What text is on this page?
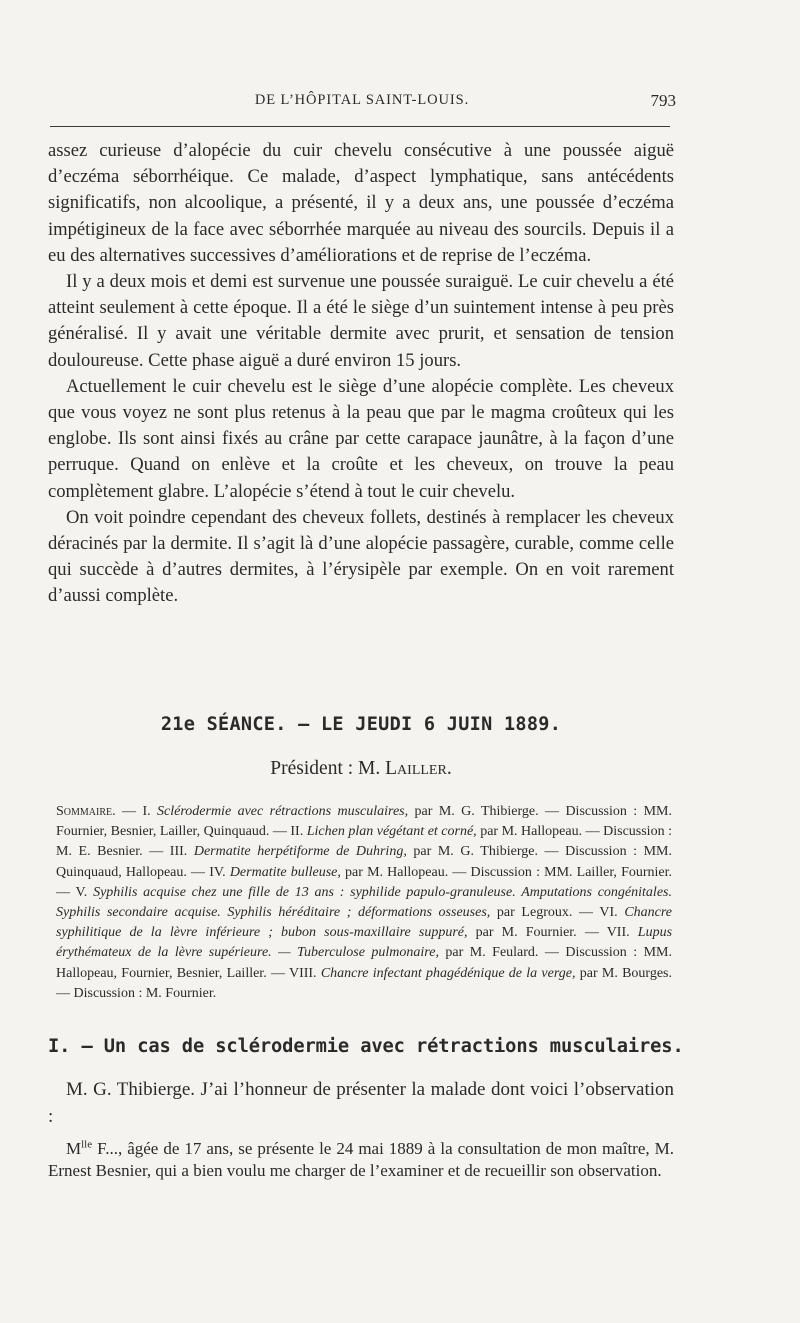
DE L’HÔPITAL SAINT-LOUIS.	793

assez curieuse d’alopécie du cuir chevelu consécutive à une poussée aiguë d’eczéma séborrhéique. Ce malade, d’aspect lymphatique, sans antécédents significatifs, non alcoolique, a présenté, il y a deux ans, une poussée d’eczéma impétigineux de la face avec séborrhée marquée au niveau des sourcils. Depuis il a eu des alternatives successives d’améliorations et de reprise de l’eczéma.

Il y a deux mois et demi est survenue une poussée suraiguë. Le cuir chevelu a été atteint seulement à cette époque. Il a été le siège d’un suintement intense à peu près généralisé. Il y avait une véritable dermite avec prurit, et sensation de tension douloureuse. Cette phase aiguë a duré environ 15 jours.

Actuellement le cuir chevelu est le siège d’une alopécie complète. Les cheveux que vous voyez ne sont plus retenus à la peau que par le magma croûteux qui les englobe. Ils sont ainsi fixés au crâne par cette carapace jaunâtre, à la façon d’une perruque. Quand on enlève et la croûte et les cheveux, on trouve la peau complètement glabre. L’alopécie s’étend à tout le cuir chevelu.

On voit poindre cependant des cheveux follets, destinés à remplacer les cheveux déracinés par la dermite. Il s’agit là d’une alopécie passagère, curable, comme celle qui succède à d’autres dermites, à l’érysipèle par exemple. On en voit rarement d’aussi complète.

21e SÉANCE. — LE JEUDI 6 JUIN 1889.
Président : M. Lailler.
Sommaire. — I. Sclérodermie avec rétractions musculaires, par M. G. Thibierge. — Discussion : MM. Fournier, Besnier, Lailler, Quinquaud. — II. Lichen plan végétant et corné, par M. Hallopeau. — Discussion : M. E. Besnier. — III. Dermatite herpétiforme de Duhring, par M. G. Thibierge. — Discussion : MM. Quinquaud, Hallopeau. — IV. Dermatite bulleuse, par M. Hallopeau. — Discussion : MM. Lailler, Fournier.— V. Syphilis acquise chez une fille de 13 ans : syphilide papulo-granuleuse. Amputations congénitales. Syphilis secondaire acquise. Syphilis héréditaire ; déformations osseuses, par Legroux. — VI. Chancre syphilitique de la lèvre inférieure ; bubon sous-maxillaire suppuré, par M. Fournier. — VII. Lupus érythémateux de la lèvre supérieure. — Tuberculose pulmonaire, par M. Feulard. — Discussion : MM. Hallopeau, Fournier, Besnier, Lailler. — VIII. Chancre infectant phagédénique de la verge, par M. Bourges. — Discussion : M. Fournier.
I. — Un cas de sclérodermie avec rétractions musculaires.
M. G. Thibierge. J’ai l’honneur de présenter la malade dont voici l’observation :
$M^{lle}$ F..., âgée de 17 ans, se présente le 24 mai 1889 à la consultation de mon maître, M. Ernest Besnier, qui a bien voulu me charger de l’examiner et de recueillir son observation.
